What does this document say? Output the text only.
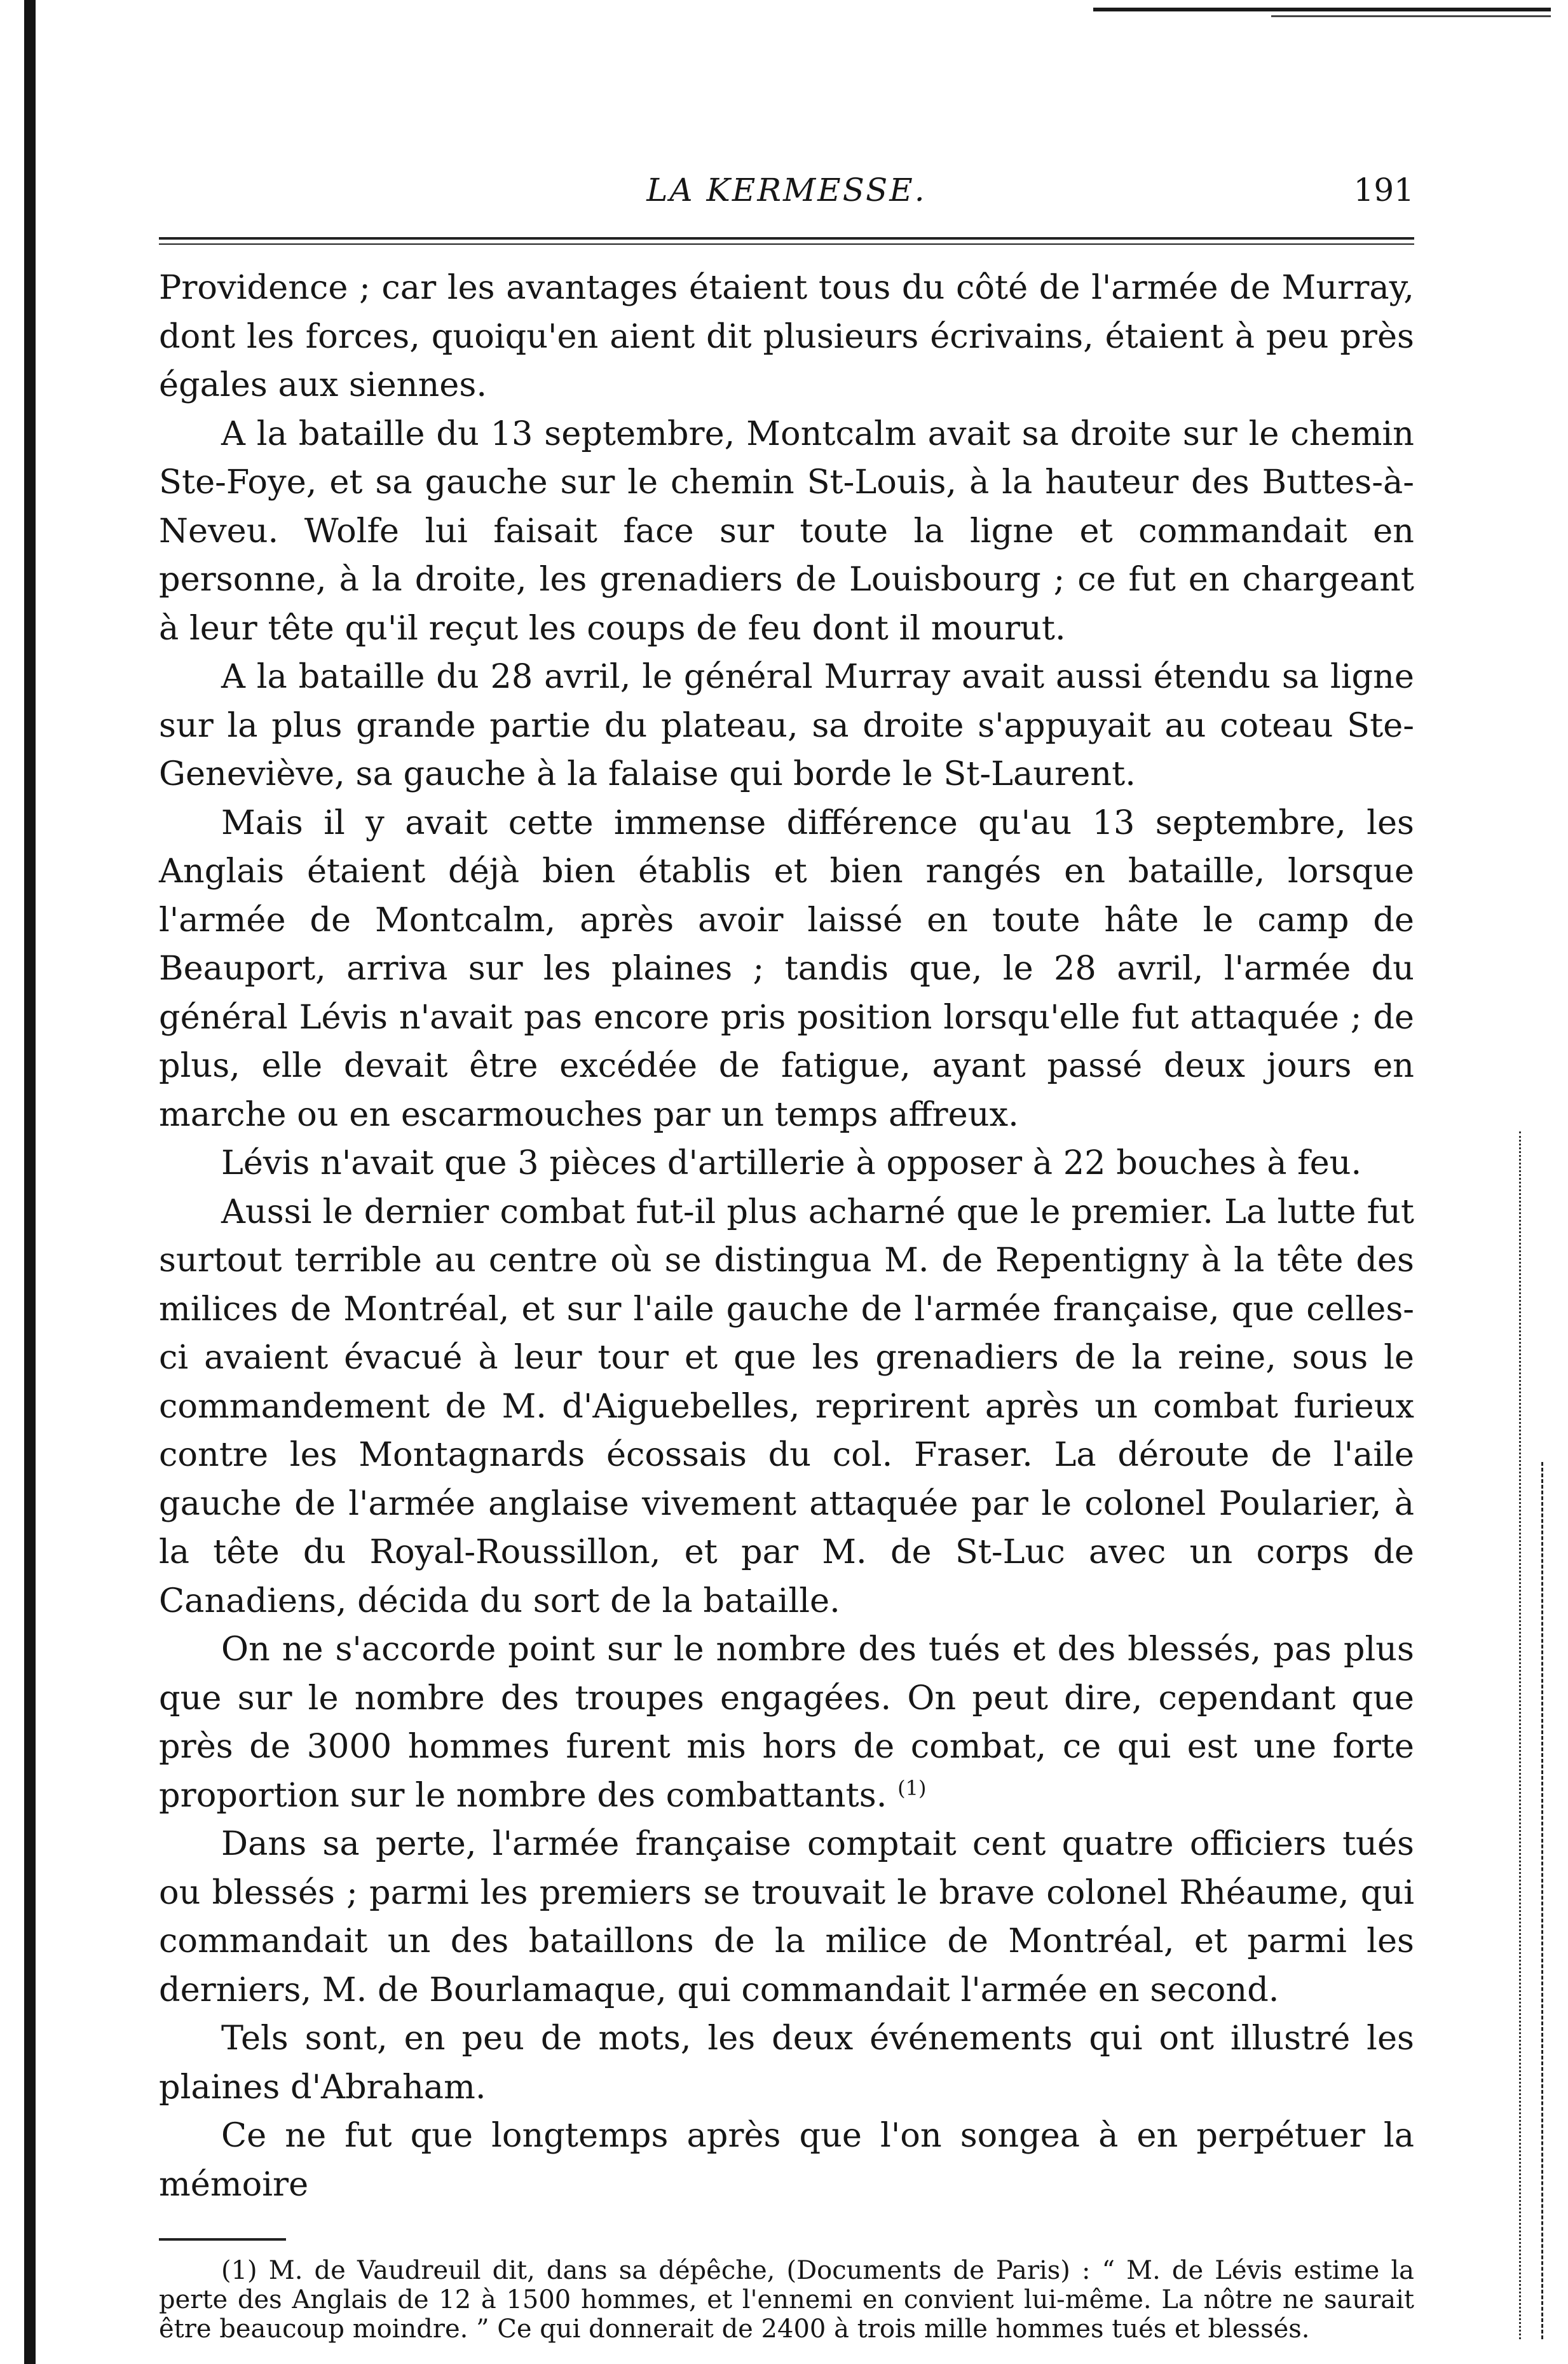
LA KERMESSE.	191

Providence ; car les avantages étaient tous du côté de l'armée de Murray, dont les forces, quoiqu'en aient dit plusieurs écrivains, étaient à peu près égales aux siennes.

A la bataille du 13 septembre, Montcalm avait sa droite sur le chemin Ste-Foye, et sa gauche sur le chemin St-Louis, à la hauteur des Buttes-à-Neveu. Wolfe lui faisait face sur toute la ligne et commandait en personne, à la droite, les grenadiers de Louisbourg ; ce fut en chargeant à leur tête qu'il reçut les coups de feu dont il mourut.

A la bataille du 28 avril, le général Murray avait aussi étendu sa ligne sur la plus grande partie du plateau, sa droite s'appuyait au coteau Ste-Geneviève, sa gauche à la falaise qui borde le St-Laurent.

Mais il y avait cette immense différence qu'au 13 septembre, les Anglais étaient déjà bien établis et bien rangés en bataille, lorsque l'armée de Montcalm, après avoir laissé en toute hâte le camp de Beauport, arriva sur les plaines ; tandis que, le 28 avril, l'armée du général Lévis n'avait pas encore pris position lorsqu'elle fut attaquée ; de plus, elle devait être excédée de fatigue, ayant passé deux jours en marche ou en escarmouches par un temps affreux.

Lévis n'avait que 3 pièces d'artillerie à opposer à 22 bouches à feu.

Aussi le dernier combat fut-il plus acharné que le premier. La lutte fut surtout terrible au centre où se distingua M. de Repentigny à la tête des milices de Montréal, et sur l'aile gauche de l'armée française, que celles-ci avaient évacué à leur tour et que les grenadiers de la reine, sous le commandement de M. d'Aiguebelles, reprirent après un combat furieux contre les Montagnards écossais du col. Fraser. La déroute de l'aile gauche de l'armée anglaise vivement attaquée par le colonel Poularier, à la tête du Royal-Roussillon, et par M. de St-Luc avec un corps de Canadiens, décida du sort de la bataille.

On ne s'accorde point sur le nombre des tués et des blessés, pas plus que sur le nombre des troupes engagées. On peut dire, cependant que près de 3000 hommes furent mis hors de combat, ce qui est une forte proportion sur le nombre des combattants. $^{(1)}$

Dans sa perte, l'armée française comptait cent quatre officiers tués ou blessés ; parmi les premiers se trouvait le brave colonel Rhéaume, qui commandait un des bataillons de la milice de Montréal, et parmi les derniers, M. de Bourlamaque, qui commandait l'armée en second.

Tels sont, en peu de mots, les deux événements qui ont illustré les plaines d'Abraham.

Ce ne fut que longtemps après que l'on songea à en perpétuer la mémoire

(1) M. de Vaudreuil dit, dans sa dépêche, (Documents de Paris) : “ M. de Lévis estime la perte des Anglais de 12 à 1500 hommes, et l'ennemi en convient lui-même. La nôtre ne saurait être beaucoup moindre. ” Ce qui donnerait de 2400 à trois mille hommes tués et blessés.
